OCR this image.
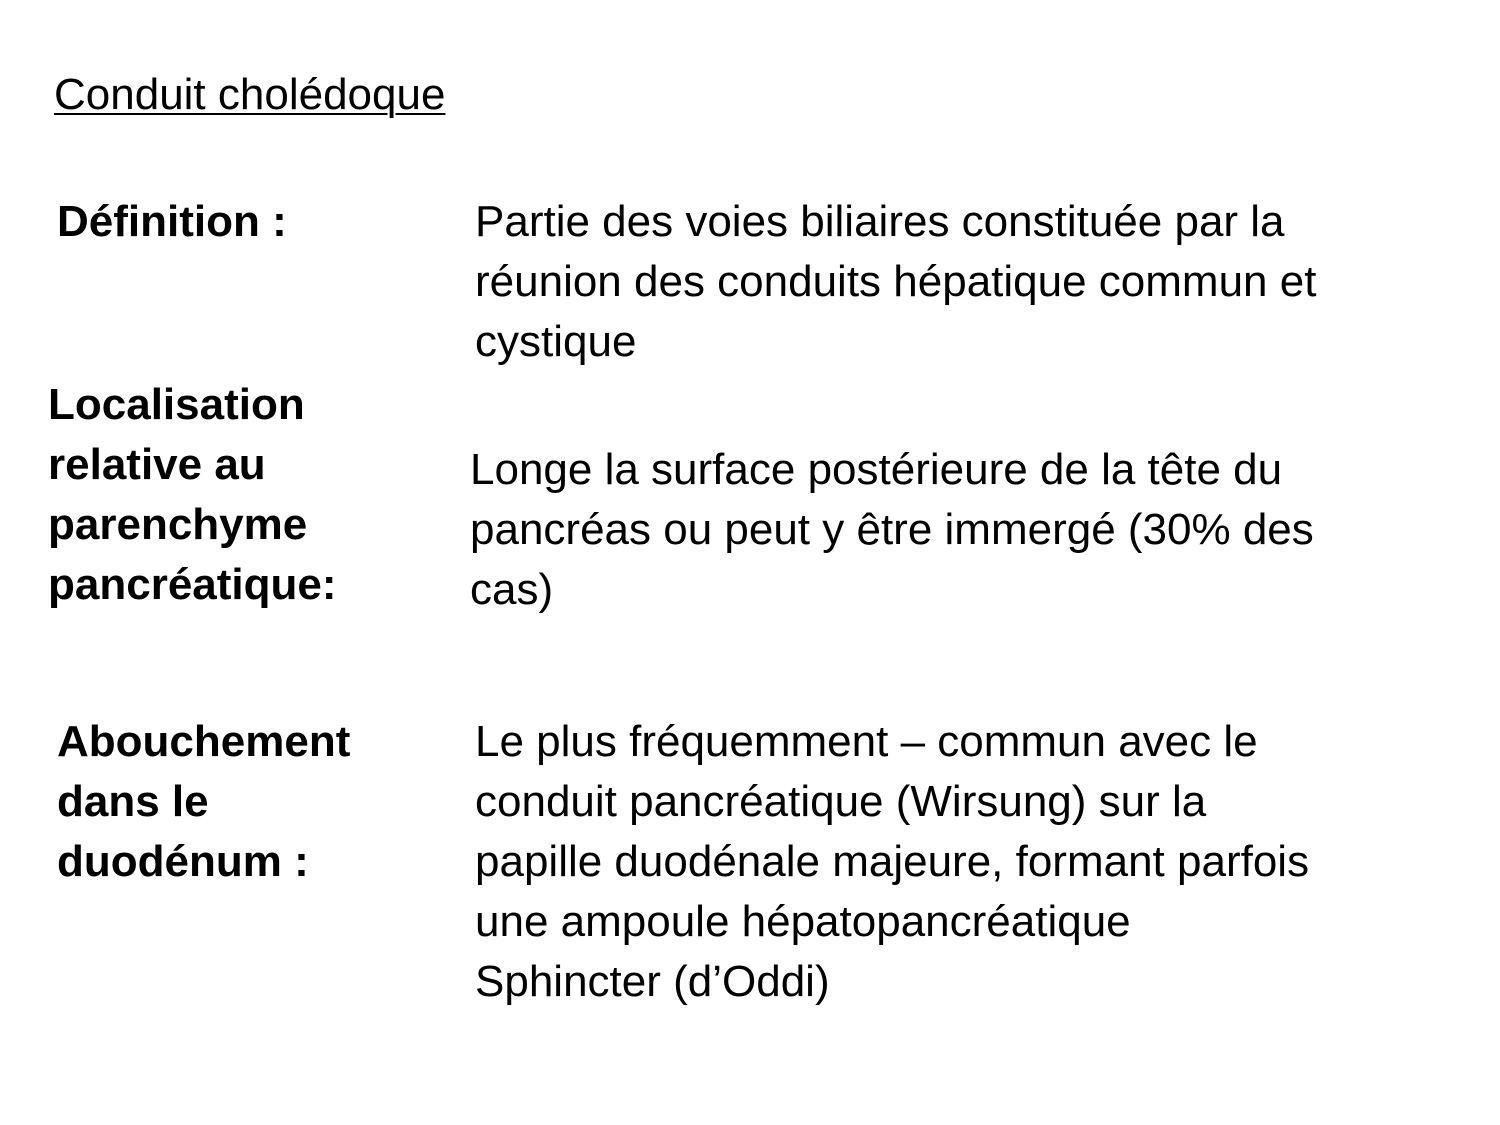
Conduit cholédoque
Définition :	Partie des voies biliaires constituée par la
réunion des conduits hépatique commun et
cystique
Localisation
relative au
parenchyme
pancréatique:
Longe la surface postérieure de la tête du
pancréas ou peut y être immergé (30% des
cas)
Abouchement
dans le
duodénum :
Le plus fréquemment – commun avec le
conduit pancréatique (Wirsung) sur la
papille duodénale majeure, formant parfois
une ampoule hépatopancréatique
Sphincter (d’Oddi)
